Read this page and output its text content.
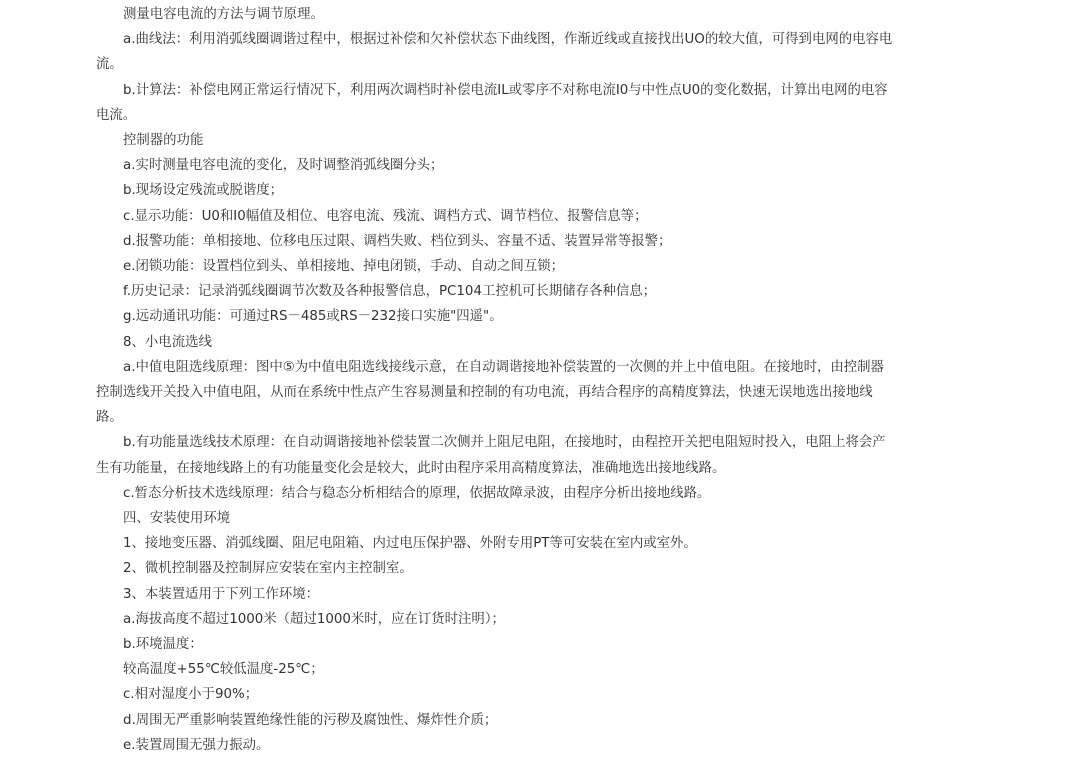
测量电容电流的方法与调节原理。

a.曲线法：利用消弧线圈调谐过程中，根据过补偿和欠补偿状态下曲线图，作渐近线或直接找出UO的较大值，可得到电网的电容电流。

b.计算法：补偿电网正常运行情况下，利用两次调档时补偿电流IL或零序不对称电流I0与中性点U0的变化数据，计算出电网的电容电流。

控制器的功能

a.实时测量电容电流的变化，及时调整消弧线圈分头；

b.现场设定残流或脱谐度；

c.显示功能：U0和I0幅值及相位、电容电流、残流、调档方式、调节档位、报警信息等；

d.报警功能：单相接地、位移电压过限、调档失败、档位到头、容量不适、装置异常等报警；

e.闭锁功能：设置档位到头、单相接地、掉电闭锁，手动、自动之间互锁；

f.历史记录：记录消弧线圈调节次数及各种报警信息，PC104工控机可长期储存各种信息；

g.远动通讯功能：可通过RS－485或RS－232接口实施"四遥"。

8、小电流选线

a.中值电阻选线原理：图中⑤为中值电阻选线接线示意，在自动调谐接地补偿装置的一次侧的并上中值电阻。在接地时，由控制器控制选线开关投入中值电阻，从而在系统中性点产生容易测量和控制的有功电流，再结合程序的高精度算法，快速无误地选出接地线路。

b.有功能量选线技术原理：在自动调谐接地补偿装置二次侧并上阻尼电阻，在接地时，由程控开关把电阻短时投入，电阻上将会产生有功能量，在接地线路上的有功能量变化会是较大，此时由程序采用高精度算法，准确地选出接地线路。

c.暂态分析技术选线原理：结合与稳态分析相结合的原理，依据故障录波，由程序分析出接地线路。

四、安装使用环境

1、接地变压器、消弧线圈、阻尼电阻箱、内过电压保护器、外附专用PT等可安装在室内或室外。

2、微机控制器及控制屏应安装在室内主控制室。

3、本装置适用于下列工作环境：

a.海拔高度不超过1000米（超过1000米时，应在订货时注明）；

b.环境温度：

较高温度+55℃较低温度-25℃；

c.相对湿度小于90%；

d.周围无严重影响装置绝缘性能的污秽及腐蚀性、爆炸性介质；

e.装置周围无强力振动。
